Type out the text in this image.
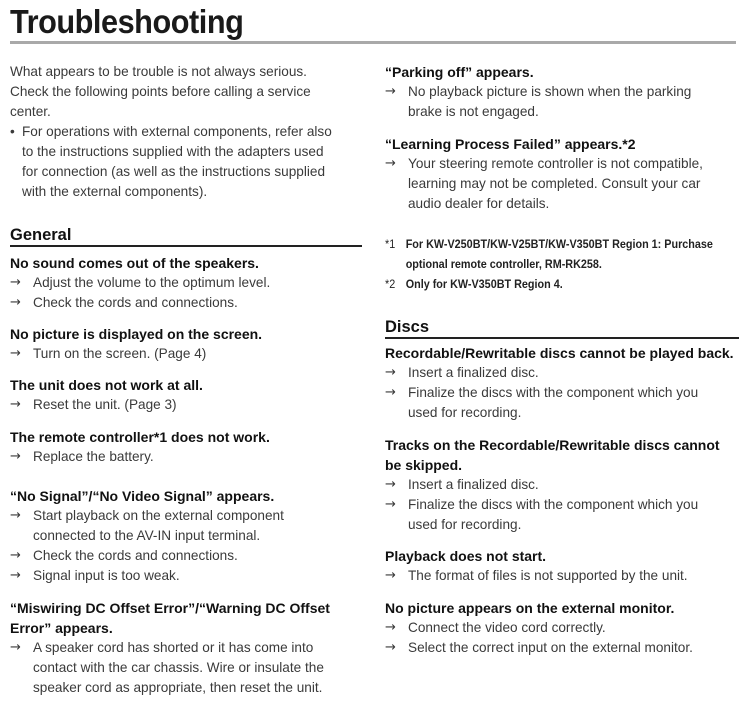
Troubleshooting

What appears to be trouble is not always serious.

Check the following points before calling a service

center.

• For operations with external components, refer also
to the instructions supplied with the adapters used
for connection (as well as the instructions supplied
with the external components).
General

No sound comes out of the speakers.

→ Adjust the volume to the optimum level.

→ Check the cords and connections.

No picture is displayed on the screen.

→ Turn on the screen. (Page 4)

The unit does not work at all.

→ Reset the unit. (Page 3)

The remote controller*1 does not work.

→ Replace the battery.

“No Signal”/“No Video Signal” appears.

→ Start playback on the external component

connected to the AV-IN input terminal.

→ Check the cords and connections.

→ Signal input is too weak.

“Miswiring DC Offset Error”/“Warning DC Offset

Error” appears.

→ A speaker cord has shorted or it has come into

contact with the car chassis. Wire or insulate the

speaker cord as appropriate, then reset the unit.

“Parking off” appears.

→ No playback picture is shown when the parking

brake is not engaged.

“Learning Process Failed” appears.*2

→ Your steering remote controller is not compatible,

learning may not be completed. Consult your car

audio dealer for details.

*1 For KW-V250BT/KW-V25BT/KW-V350BT Region 1: Purchase

optional remote controller, RM-RK258.

*2 Only for KW-V350BT Region 4.

Discs

Recordable/Rewritable discs cannot be played back.

→ Insert a finalized disc.

→ Finalize the discs with the component which you

used for recording.

Tracks on the Recordable/Rewritable discs cannot

be skipped.

→ Insert a finalized disc.

→ Finalize the discs with the component which you

used for recording.

Playback does not start.

→ The format of files is not supported by the unit.

No picture appears on the external monitor.

→ Connect the video cord correctly.

→ Select the correct input on the external monitor.
